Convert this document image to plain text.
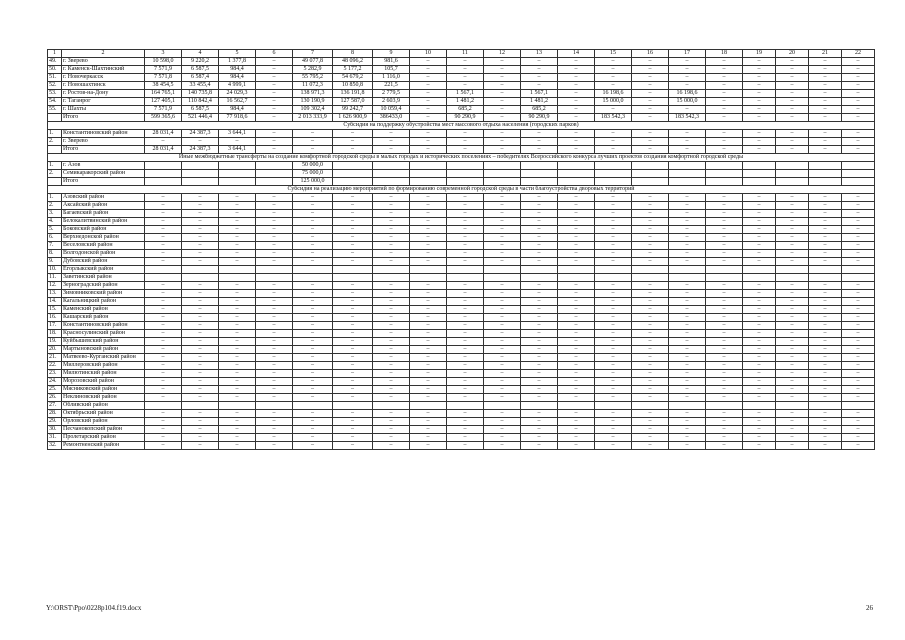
1	2	3	4	5	6	7	8	9	10	11	12	13	14	15	16	17	18	19	20	21	22
49.	г. Зверево	10 598,0	9 220,2	1 377,8	–	49 077,8	48 096,2	981,6	–	–	–	–	–	–	–	–	–	–	–	–	–
50.	г. Каменск-Шахтинский	7 571,9	6 587,5	984,4	–	5 282,9	5 177,2	105,7	–	–	–	–	–	–	–	–	–	–	–	–	–
51.	г. Новочеркасск	7 571,8	6 587,4	984,4	–	55 795,2	54 679,2	1 116,0	–	–	–	–	–	–	–	–	–	–	–	–	–
52.	г. Новошахтинск	38 454,5	33 455,4	4 999,1	–	11 072,3	10 850,8	221,5	–	–	–	–	–	–	–	–	–	–	–	–	–
53.	г. Ростов-на-Дону	164 765,1	140 735,8	24 029,3	–	138 971,3	136 191,8	2 779,5	–	1 567,1	–	1 567,1	–	16 198,6	–	16 198,6	–	–	–	–	–
54.	г. Таганрог	127 405,1	110 842,4	16 562,7	–	130 190,9	127 587,0	2 603,9	–	1 481,2	–	1 481,2	–	15 000,0	–	15 000,0	–	–	–	–	–
55.	г. Шахты	7 571,9	6 587,5	984,4	–	109 302,4	99 242,7	10 059,4	–	685,2	–	685,2	–	–	–	–	–	–	–	–	–
	Итого	599 365,6	521 446,4	77 918,6	–	2 013 333,9	1 626 900,9	386433,0	–	90 290,9	–	90 290,9	–	183 542,3	–	183 542,3	–	–	–	–	–
Субсидия на поддержку обустройства мест массового отдыха населения (городских парков)																					
1.	Константиновский район	28 031,4	24 387,3	3 644,1	–	–	–	–	–	–	–	–	–	–	–	–	–	–	–	–	–
2.	г. Зверево	–	–	–	–	–	–	–	–	–	–	–	–	–	–	–	–	–	–	–	–
	Итого	28 031,4	24 387,3	3 644,1	–	–	–	–	–	–	–	–	–	–	–	–	–	–	–	–	–
Иные межбюджетные трансферты на создание комфортной городской среды в малых городах и исторических поселениях – победителях Всероссийского конкурса лучших проектов создания комфортной городской среды																					
1.	г. Азов					50 000,0															
2.	Семикаракорский район					75 000,0															
	Итого					125 000,0															
Субсидия на реализацию мероприятий по формированию современной городской среды в части благоустройства дворовых территорий																					
1.	Азовский район	–	–	–	–	–	–	–	–	–	–	–	–	–	–	–	–	–	–	–	–
2.	Аксайский район	–	–	–	–	–	–	–	–	–	–	–	–	–	–	–	–	–	–	–	–
3.	Багаевский район	–	–	–	–	–	–	–	–	–	–	–	–	–	–	–	–	–	–	–	–
4.	Белокалитвинский район	–	–	–	–	–	–	–	–	–	–	–	–	–	–	–	–	–	–	–	–
5.	Боковский район	–	–	–	–	–	–	–	–	–	–	–	–	–	–	–	–	–	–	–	–
6.	Верхнедонской район	–	–	–	–	–	–	–	–	–	–	–	–	–	–	–	–	–	–	–	–
7.	Веселовский район	–	–	–	–	–	–	–	–	–	–	–	–	–	–	–	–	–	–	–	–
8.	Волгодонской район	–	–	–	–	–	–	–	–	–	–	–	–	–	–	–	–	–	–	–	–
9.	Дубовский район	–	–	–	–	–	–	–	–	–	–	–	–	–	–	–	–	–	–	–	–
10.	Егорлыкский район																				
11.	Заветинский район																				
12.	Зерноградский район	–	–	–	–	–	–	–	–	–	–	–	–	–	–	–	–	–	–	–	–
13.	Зимовниковский район	–	–	–	–	–	–	–	–	–	–	–	–	–	–	–	–	–	–	–	–
14.	Кагальницкий район	–	–	–	–	–	–	–	–	–	–	–	–	–	–	–	–	–	–	–	–
15.	Каменский район	–	–	–	–	–	–	–	–	–	–	–	–	–	–	–	–	–	–	–	–
16.	Кашарский район	–	–	–	–	–	–	–	–	–	–	–	–	–	–	–	–	–	–	–	–
17.	Константиновский район	–	–	–	–	–	–	–	–	–	–	–	–	–	–	–	–	–	–	–	–
18.	Красносулинский район	–	–	–	–	–	–	–	–	–	–	–	–	–	–	–	–	–	–	–	–
19.	Куйбышевский район	–	–	–	–	–	–	–	–	–	–	–	–	–	–	–	–	–	–	–	–
20.	Мартыновский район	–	–	–	–	–	–	–	–	–	–	–	–	–	–	–	–	–	–	–	–
21.	Матвеево-Курганский район	–	–	–	–	–	–	–	–	–	–	–	–	–	–	–	–	–	–	–	–
22.	Миллеровский район	–	–	–	–	–	–	–	–	–	–	–	–	–	–	–	–	–	–	–	–
23.	Милютинский район	–	–	–	–	–	–	–	–	–	–	–	–	–	–	–	–	–	–	–	–
24.	Морозовский район	–	–	–	–	–	–	–	–	–	–	–	–	–	–	–	–	–	–	–	–
25.	Мясниковский район	–	–	–	–	–	–	–	–	–	–	–	–	–	–	–	–	–	–	–	–
26.	Неклиновский район	–	–	–	–	–	–	–	–	–	–	–	–	–	–	–	–	–	–	–	–
27.	Обливский район																				
28.	Октябрьский район	–	–	–	–	–	–	–	–	–	–	–	–	–	–	–	–	–	–	–	–
29.	Орловский район	–	–	–	–	–	–	–	–	–	–	–	–	–	–	–	–	–	–	–	–
30.	Песчанокопский район	–	–	–	–	–	–	–	–	–	–	–	–	–	–	–	–	–	–	–	–
31.	Пролетарский район	–	–	–	–	–	–	–	–	–	–	–	–	–	–	–	–	–	–	–	–
32.	Ремонтненский район	–	–	–	–	–	–	–	–	–	–	–	–	–	–	–	–	–	–	–	–
Y:\ORST\Ppo\0228p104.f19.docx	26
